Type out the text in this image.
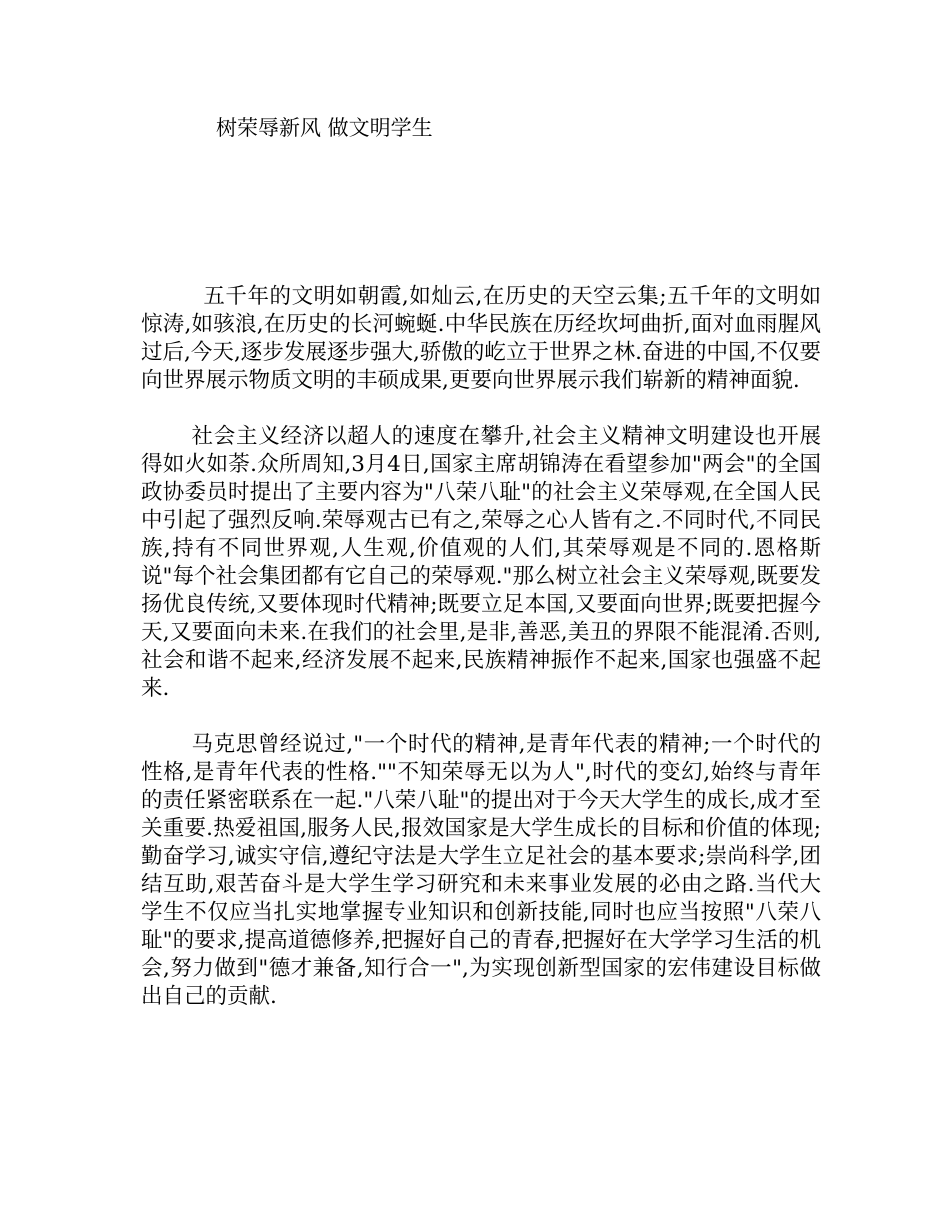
树荣辱新风 做文明学生

五千年的文明如朝霞,如灿云,在历史的天空云集;五千年的文明如惊涛,如骇浪,在历史的长河蜿蜒.中华民族在历经坎坷曲折,面对血雨腥风过后,今天,逐步发展逐步强大,骄傲的屹立于世界之林.奋进的中国,不仅要向世界展示物质文明的丰硕成果,更要向世界展示我们崭新的精神面貌.

社会主义经济以超人的速度在攀升,社会主义精神文明建设也开展得如火如荼.众所周知,3月4日,国家主席胡锦涛在看望参加"两会"的全国政协委员时提出了主要内容为"八荣八耻"的社会主义荣辱观,在全国人民中引起了强烈反响.荣辱观古已有之,荣辱之心人皆有之.不同时代,不同民族,持有不同世界观,人生观,价值观的人们,其荣辱观是不同的.恩格斯说"每个社会集团都有它自己的荣辱观."那么树立社会主义荣辱观,既要发扬优良传统,又要体现时代精神;既要立足本国,又要面向世界;既要把握今天,又要面向未来.在我们的社会里,是非,善恶,美丑的界限不能混淆.否则,社会和谐不起来,经济发展不起来,民族精神振作不起来,国家也强盛不起来.

马克思曾经说过,"一个时代的精神,是青年代表的精神;一个时代的性格,是青年代表的性格.""不知荣辱无以为人",时代的变幻,始终与青年的责任紧密联系在一起."八荣八耻"的提出对于今天大学生的成长,成才至关重要.热爱祖国,服务人民,报效国家是大学生成长的目标和价值的体现;勤奋学习,诚实守信,遵纪守法是大学生立足社会的基本要求;崇尚科学,团结互助,艰苦奋斗是大学生学习研究和未来事业发展的必由之路.当代大学生不仅应当扎实地掌握专业知识和创新技能,同时也应当按照"八荣八耻"的要求,提高道德修养,把握好自己的青春,把握好在大学学习生活的机会,努力做到"德才兼备,知行合一",为实现创新型国家的宏伟建设目标做出自己的贡献.
